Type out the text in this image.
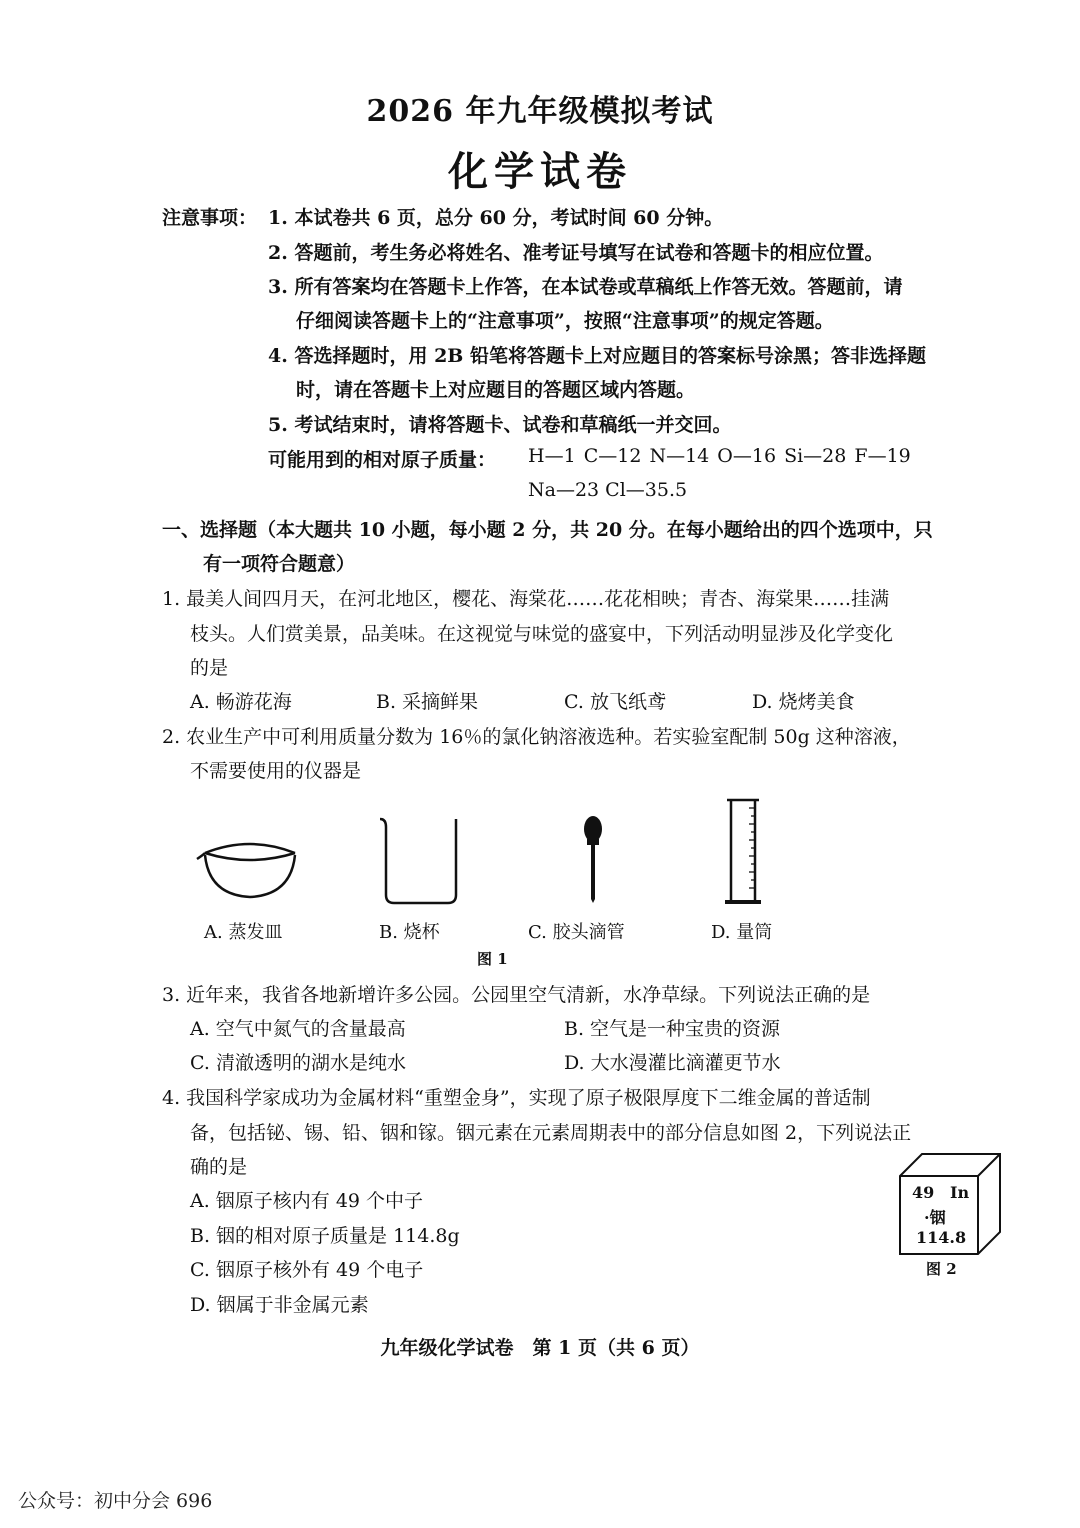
2026 年九年级模拟考试
化学试卷
注意事项： 1. 本试卷共 6 页，总分 60 分，考试时间 60 分钟。
2. 答题前，考生务必将姓名、准考证号填写在试卷和答题卡的相应位置。
3. 所有答案均在答题卡上作答，在本试卷或草稿纸上作答无效。答题前，请
仔细阅读答题卡上的“注意事项”，按照“注意事项”的规定答题。
4. 答选择题时，用 2B 铅笔将答题卡上对应题目的答案标号涂黑；答非选择题
时，请在答题卡上对应题目的答题区域内答题。
5. 考试结束时，请将答题卡、试卷和草稿纸一并交回。
可能用到的相对原子质量： H—1 C—12 N—14 O—16 Si—28 F—19
Na—23 Cl—35.5
一、选择题（本大题共 10 小题，每小题 2 分，共 20 分。在每小题给出的四个选项中，只
有一项符合题意）
1. 最美人间四月天，在河北地区，樱花、海棠花……花花相映；青杏、海棠果……挂满
枝头。人们赏美景，品美味。在这视觉与味觉的盛宴中，下列活动明显涉及化学变化
的是
A. 畅游花海	B. 采摘鲜果	C. 放飞纸鸢	D. 烧烤美食
2. 农业生产中可利用质量分数为 16％的氯化钠溶液选种。若实验室配制 50g 这种溶液，
不需要使用的仪器是
A. 蒸发皿	B. 烧杯	C. 胶头滴管	D. 量筒
图 1
3. 近年来，我省各地新增许多公园。公园里空气清新，水净草绿。下列说法正确的是
A. 空气中氮气的含量最高	B. 空气是一种宝贵的资源
C. 清澈透明的湖水是纯水	D. 大水漫灌比滴灌更节水
4. 我国科学家成功为金属材料“重塑金身”，实现了原子极限厚度下二维金属的普适制
备，包括铋、锡、铅、铟和镓。铟元素在元素周期表中的部分信息如图 2，下列说法正
确的是
A. 铟原子核内有 49 个中子
B. 铟的相对原子质量是 114.8g
C. 铟原子核外有 49 个电子
D. 铟属于非金属元素
49 In
·铟
114.8
图 2
九年级化学试卷　第 1 页（共 6 页）
公众号：初中分会 696
